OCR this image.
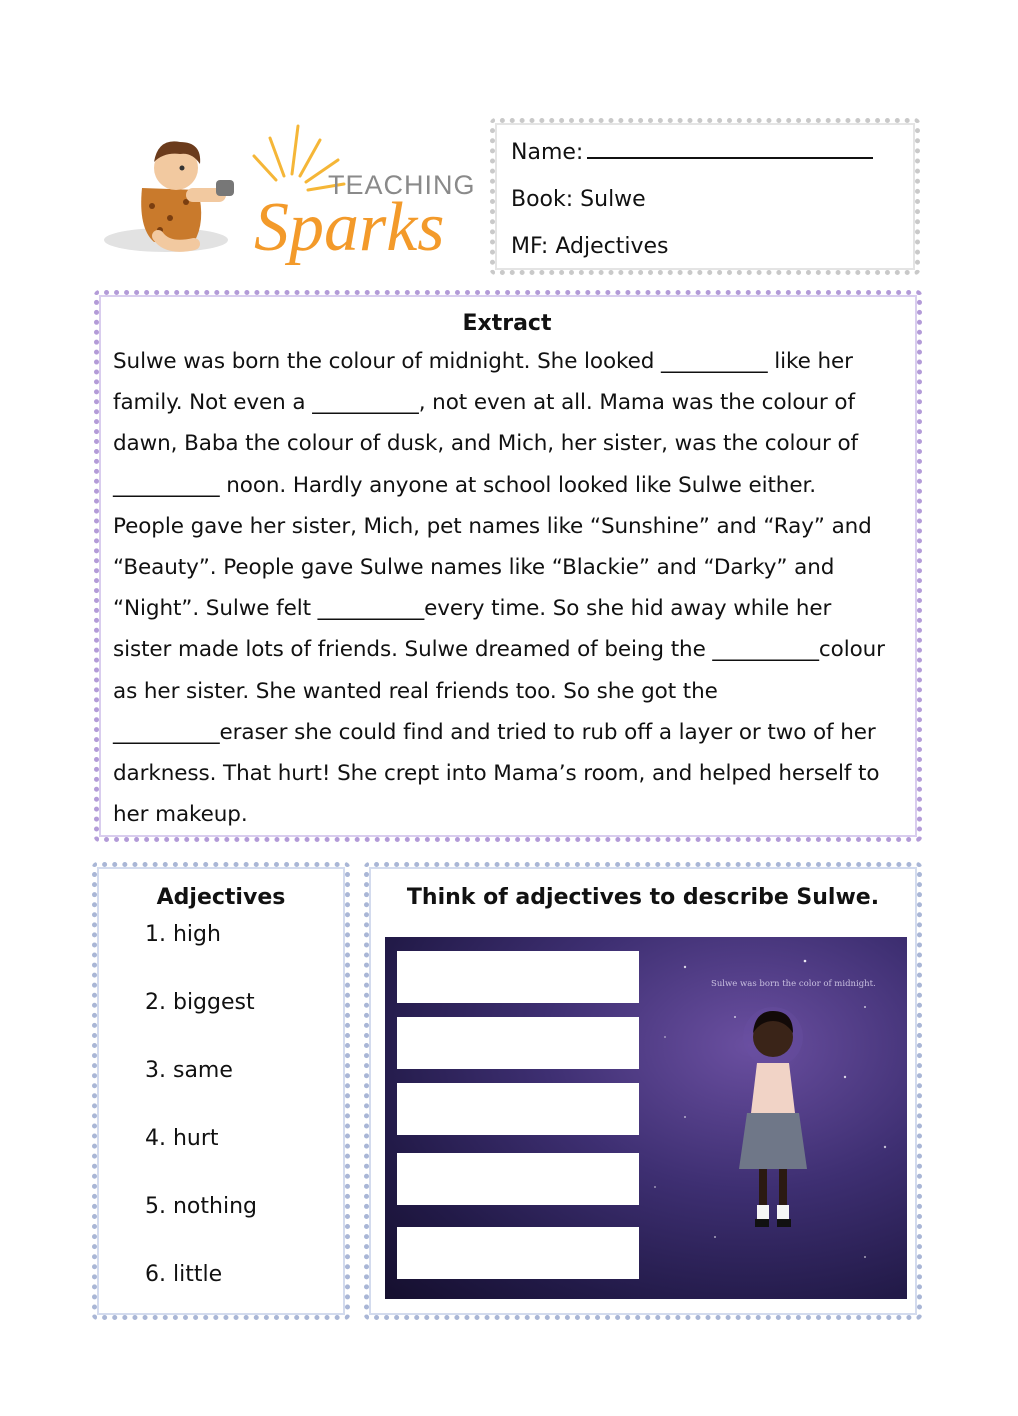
TEACHING
Sparks
Name:
Book: Sulwe
MF: Adjectives
Extract
Sulwe was born the colour of midnight. She looked __________ like her
family. Not even a __________, not even at all. Mama was the colour of
dawn, Baba the colour of dusk, and Mich, her sister, was the colour of
__________ noon. Hardly anyone at school looked like Sulwe either.
People gave her sister, Mich, pet names like “Sunshine” and “Ray” and
“Beauty”. People gave Sulwe names like “Blackie” and “Darky” and
“Night”. Sulwe felt __________every time. So she hid away while her
sister made lots of friends. Sulwe dreamed of being the __________colour
as her sister. She wanted real friends too. So she got the
__________eraser she could find and tried to rub off a layer or two of her
darkness. That hurt! She crept into Mama’s room, and helped herself to
her makeup.
Adjectives
1. high
2. biggest
3. same
4. hurt
5. nothing
6. little
Think of adjectives to describe Sulwe.
Sulwe was born the color of midnight.
